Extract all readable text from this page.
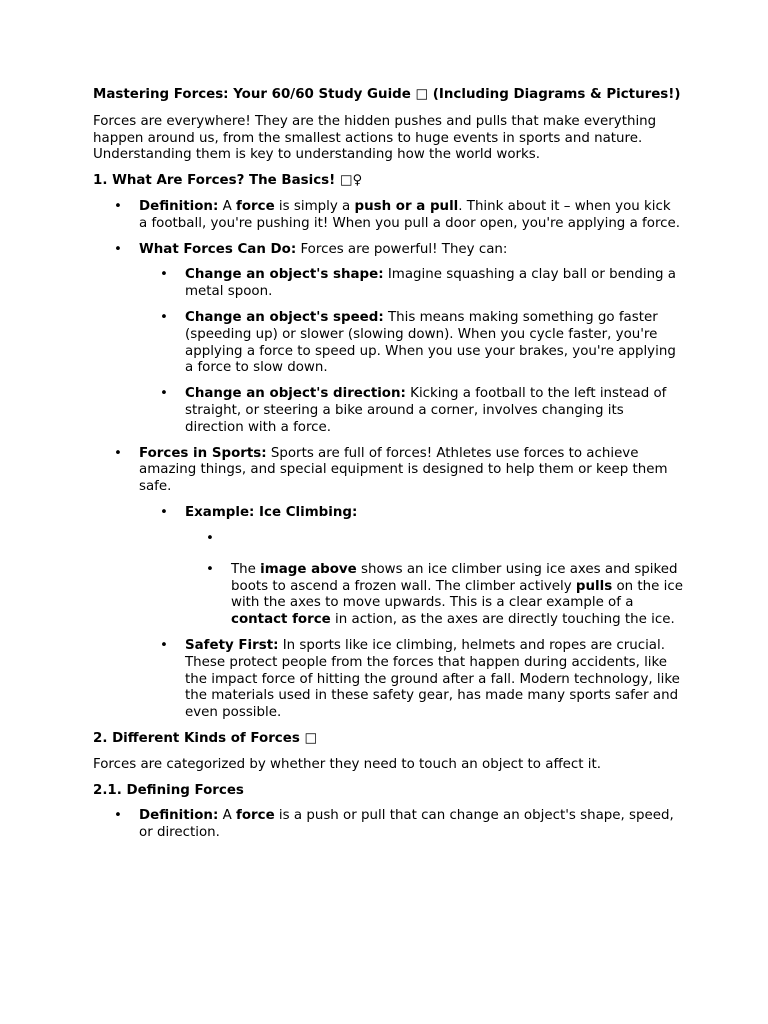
Mastering Forces: Your 60/60 Study Guide □ (Including Diagrams & Pictures!)

Forces are everywhere! They are the hidden pushes and pulls that make everything happen around us, from the smallest actions to huge events in sports and nature. Understanding them is key to understanding how the world works.

1. What Are Forces? The Basics! □♀
• Definition: A force is simply a push or a pull. Think about it – when you kick a football, you're pushing it! When you pull a door open, you're applying a force.
• What Forces Can Do: Forces are powerful! They can:
• Change an object's shape: Imagine squashing a clay ball or bending a metal spoon.
• Change an object's speed: This means making something go faster (speeding up) or slower (slowing down). When you cycle faster, you're applying a force to speed up. When you use your brakes, you're applying a force to slow down.
• Change an object's direction: Kicking a football to the left instead of straight, or steering a bike around a corner, involves changing its direction with a force.
• Forces in Sports: Sports are full of forces! Athletes use forces to achieve amazing things, and special equipment is designed to help them or keep them safe.
• Example: Ice Climbing:
•
• The image above shows an ice climber using ice axes and spiked boots to ascend a frozen wall. The climber actively pulls on the ice with the axes to move upwards. This is a clear example of a contact force in action, as the axes are directly touching the ice.
• Safety First: In sports like ice climbing, helmets and ropes are crucial. These protect people from the forces that happen during accidents, like the impact force of hitting the ground after a fall. Modern technology, like the materials used in these safety gear, has made many sports safer and even possible.
2. Different Kinds of Forces □

Forces are categorized by whether they need to touch an object to affect it.

2.1. Defining Forces
• Definition: A force is a push or pull that can change an object's shape, speed, or direction.
